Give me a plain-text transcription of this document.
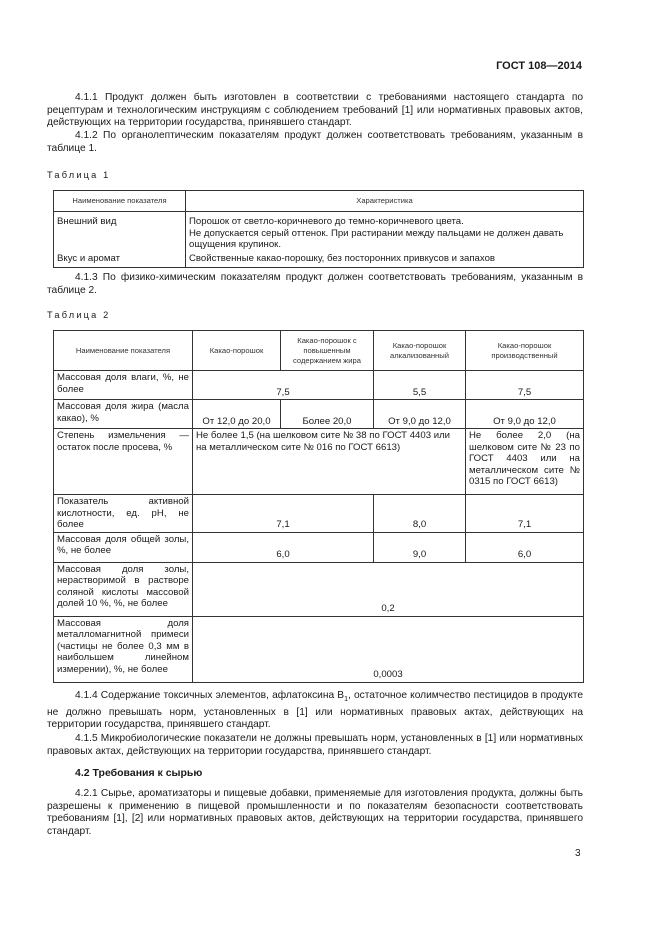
ГОСТ 108—2014

4.1.1 Продукт должен быть изготовлен в соответствии с требованиями настоящего стандарта по рецептурам и технологическим инструкциям с соблюдением требований [1] или нормативных правовых актов, действующих на территории государства, принявшего стандарт.

4.1.2 По органолептическим показателям продукт должен соответствовать требованиям, указанным в таблице 1.

Таблица 1
Наименование показателя	Характеристика
Внешний вид	Порошок от светло-коричневого до темно-коричневого цвета.
Не допускается серый оттенок. При растирании между пальцами не должен давать ощущения крупинок.

Вкус и аромат	Свойственные какао-порошку, без посторонних привкусов и запахов

4.1.3 По физико-химическим показателям продукт должен соответствовать требованиям, указанным в таблице 2.

Таблица 2
Наименование показателя	Какао-порошок	Какао-порошок с повышенным содержанием жира	Какао-порошок алкализованный	Какао-порошок производственный
Массовая доля влаги, %, не более	7,5		5,5	7,5
Массовая доля жира (масла какао), %	От 12,0 до 20,0	Более 20,0	От 9,0 до 12,0	От 9,0 до 12,0
Степень измельчения — остаток после просева, %	Не более 1,5 (на шелковом сите № 38 по ГОСТ 4403 или на металлическом сите № 016 по ГОСТ 6613)			Не более 2,0 (на шелковом сите № 23 по ГОСТ 4403 или на металлическом сите № 0315 по ГОСТ 6613)
Показатель активной кислотности, ед. pH, не более	7,1		8,0	7,1
Массовая доля общей золы, %, не более	6,0		9,0	6,0
Массовая доля золы, нерастворимой в растворе соляной кислоты массовой долей 10 %, %, не более	0,2			
Массовая доля металломагнитной примеси (частицы не более 0,3 мм в наибольшем линейном измерении), %, не более	0,0003			

4.1.4 Содержание токсичных элементов, афлатоксина $В_1$, остаточное колимчество пестицидов в продукте не должно превышать норм, установленных в [1] или нормативных правовых актах, действующих на территории государства, принявшего стандарт.

4.1.5 Микробиологические показатели не должны превышать норм, установленных в [1] или нормативных правовых актах, действующих на территории государства, принявшего стандарт.

4.2 Требования к сырью

4.2.1 Сырье, ароматизаторы и пищевые добавки, применяемые для изготовления продукта, должны быть разрешены к применению в пищевой промышленности и по показателям безопасности соответствовать требованиям [1], [2] или нормативных правовых актов, действующих на территории государства, принявшего стандарт.

3
